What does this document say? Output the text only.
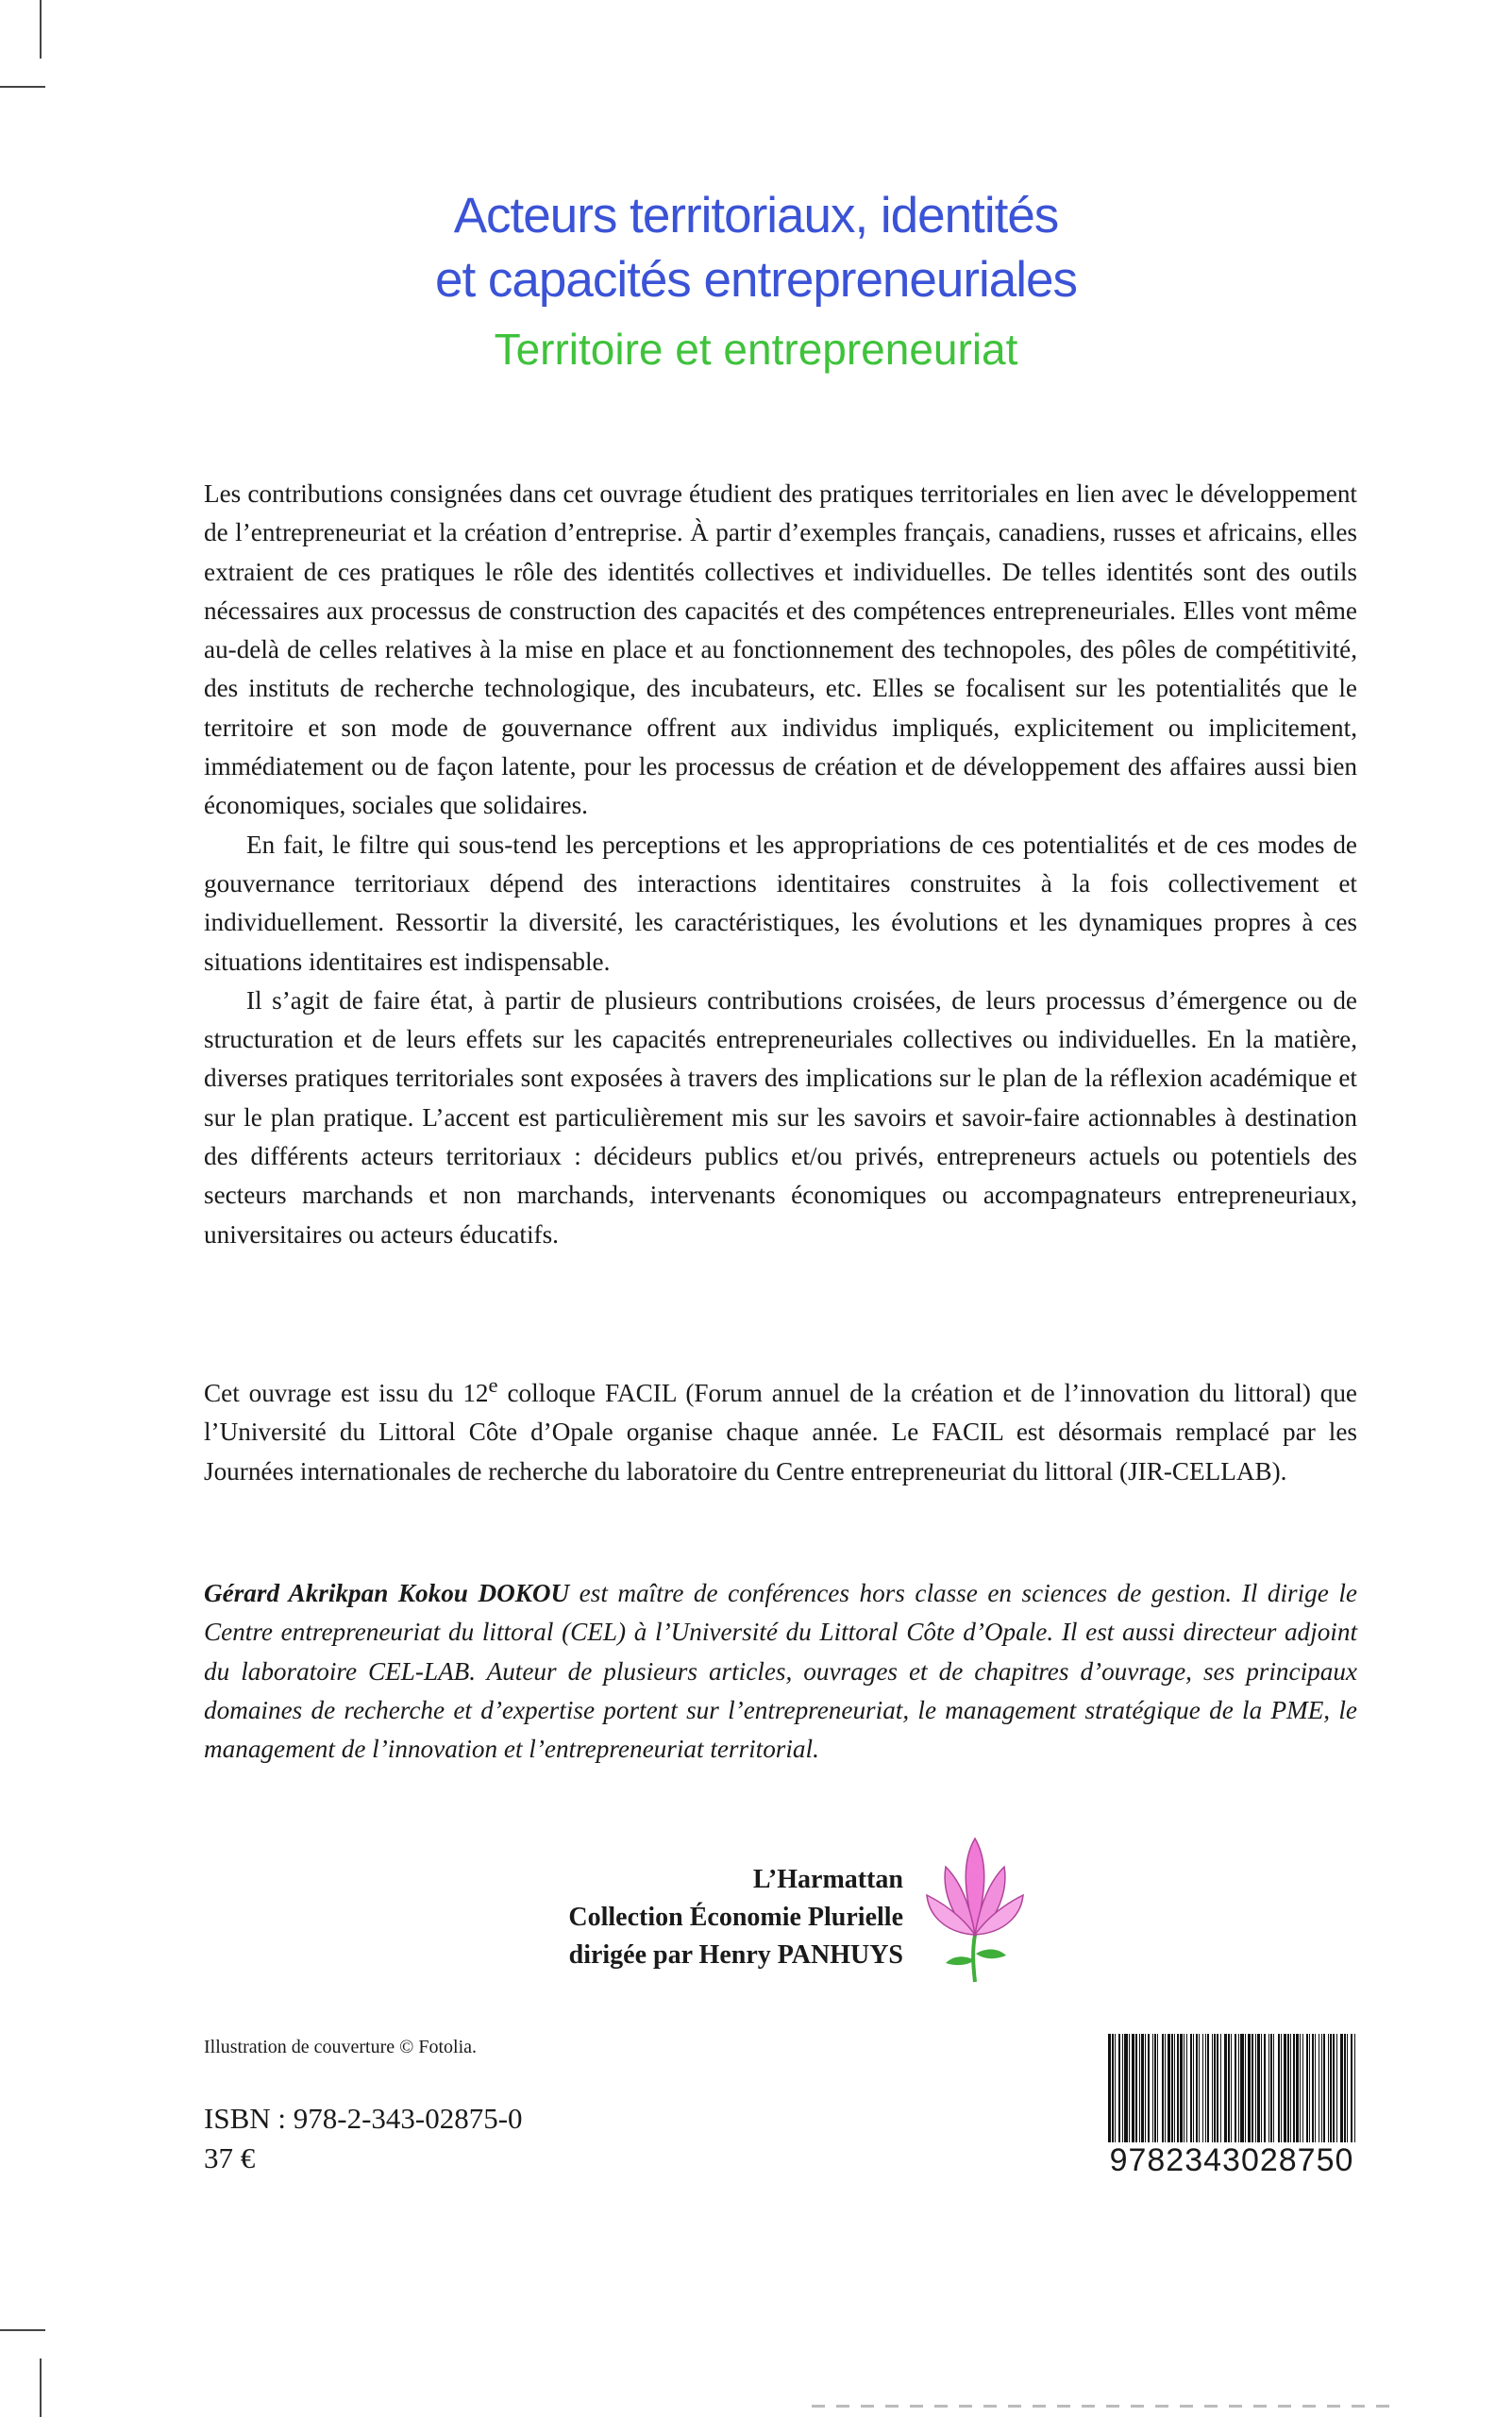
Acteurs territoriaux, identités
et capacités entrepreneuriales
Territoire et entrepreneuriat

Les contributions consignées dans cet ouvrage étudient des pratiques territoriales en lien avec le développement de l’entrepreneuriat et la création d’entreprise. À partir d’exemples français, canadiens, russes et africains, elles extraient de ces pratiques le rôle des identités collectives et individuelles. De telles identités sont des outils nécessaires aux processus de construction des capacités et des compétences entrepreneuriales. Elles vont même au-delà de celles relatives à la mise en place et au fonctionnement des technopoles, des pôles de compétitivité, des instituts de recherche technologique, des incubateurs, etc. Elles se focalisent sur les potentialités que le territoire et son mode de gouvernance offrent aux individus impliqués, explicitement ou implicitement, immédiatement ou de façon latente, pour les processus de création et de développement des affaires aussi bien économiques, sociales que solidaires.

En fait, le filtre qui sous-tend les perceptions et les appropriations de ces potentialités et de ces modes de gouvernance territoriaux dépend des interactions identitaires construites à la fois collectivement et individuellement. Ressortir la diversité, les caractéristiques, les évolutions et les dynamiques propres à ces situations identitaires est indispensable.

Il s’agit de faire état, à partir de plusieurs contributions croisées, de leurs processus d’émergence ou de structuration et de leurs effets sur les capacités entrepreneuriales collectives ou individuelles. En la matière, diverses pratiques territoriales sont exposées à travers des implications sur le plan de la réflexion académique et sur le plan pratique. L’accent est particulièrement mis sur les savoirs et savoir-faire actionnables à destination des différents acteurs territoriaux : décideurs publics et/ou privés, entrepreneurs actuels ou potentiels des secteurs marchands et non marchands, intervenants économiques ou accompagnateurs entrepreneuriaux, universitaires ou acteurs éducatifs.

Cet ouvrage est issu du 12e colloque FACIL (Forum annuel de la création et de l’innovation du littoral) que l’Université du Littoral Côte d’Opale organise chaque année. Le FACIL est désormais remplacé par les Journées internationales de recherche du laboratoire du Centre entrepreneuriat du littoral (JIR-CELLAB).

Gérard Akrikpan Kokou DOKOU est maître de conférences hors classe en sciences de gestion. Il dirige le Centre entrepreneuriat du littoral (CEL) à l’Université du Littoral Côte d’Opale. Il est aussi directeur adjoint du laboratoire CEL-LAB. Auteur de plusieurs articles, ouvrages et de chapitres d’ouvrage, ses principaux domaines de recherche et d’expertise portent sur l’entrepreneuriat, le management stratégique de la PME, le management de l’innovation et l’entrepreneuriat territorial.

L’Harmattan
Collection Économie Plurielle
dirigée par Henry PANHUYS
Illustration de couverture © Fotolia.
ISBN : 978-2-343-02875-0
37 €	9782343028750
